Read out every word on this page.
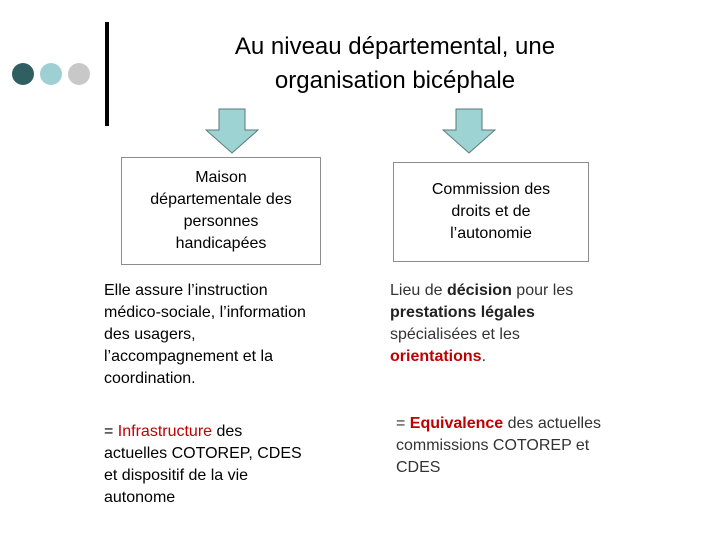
Au niveau départemental, une
organisation bicéphale
Maison
départementale des
personnes
handicapées
Commission des
droits et de
l’autonomie
Elle assure l’instruction
médico-sociale, l’information
des usagers,
l’accompagnement et la
coordination.
= Infrastructure des
actuelles COTOREP, CDES
et dispositif de la vie
autonome
Lieu de décision pour les
prestations légales
spécialisées et les
orientations.
= Equivalence des actuelles
commissions COTOREP et
CDES
